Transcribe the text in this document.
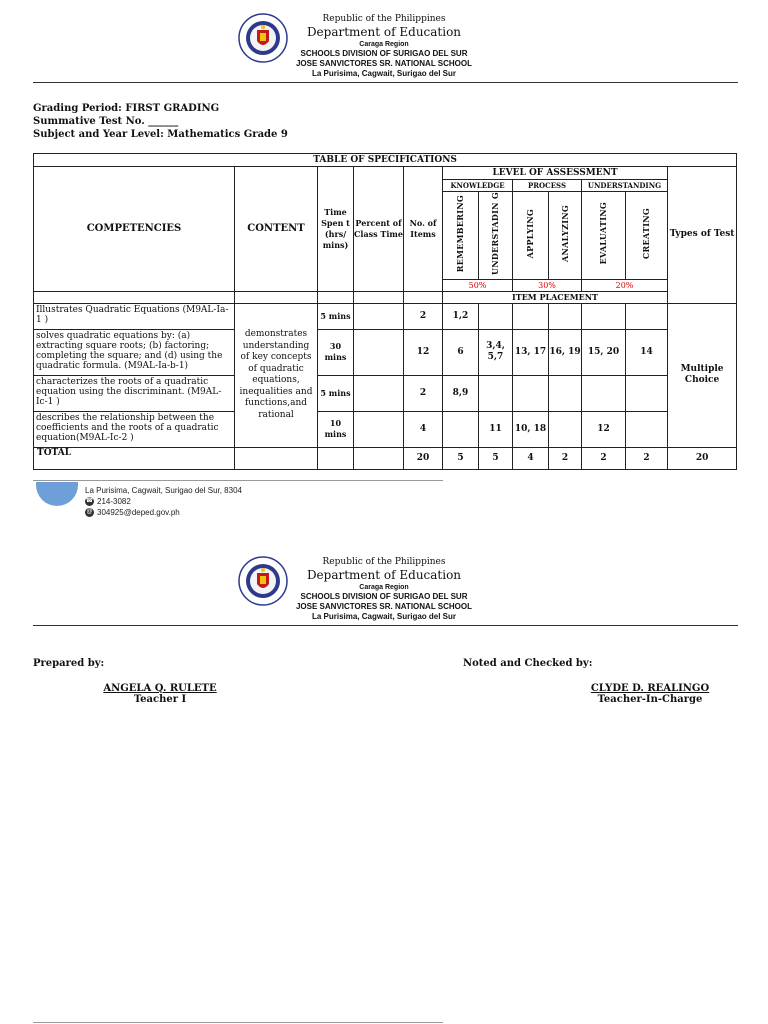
Republic of the Philippines
Department of Education
Caraga Region
SCHOOLS DIVISION OF SURIGAO DEL SUR
JOSE SANVICTORES SR. NATIONAL SCHOOL
La Purisima, Cagwait, Surigao del Sur
Grading Period: FIRST GRADING
Summative Test No. ______
Subject and Year Level: Mathematics Grade 9
TABLE OF SPECIFICATIONS											
COMPETENCIES	CONTENT	Time Spen t (hrs/ mins)	Percent of Class Time	No. of Items	LEVEL OF ASSESSMENT						Types of Test
					KNOWLEDGE		PROCESS		UNDERSTANDING		
					REMEMBERING	UNDERSTADIN G	APPLYING	ANALYZING	EVALUATING	CREATING	
					50%		30%		20%		
					ITEM PLACEMENT						
Illustrates Quadratic Equations (M9AL-Ia-1 )	demonstrates understanding of key concepts of quadratic equations, inequalities and functions,and rational	5 mins		2	1,2						Multiple Choice
solves quadratic equations by: (a) extracting square roots; (b) factoring; completing the square; and (d) using the quadratic formula. (M9AL-Ia-b-1)		30 mins		12	6	3,4, 5,7	13, 17	16, 19	15, 20	14	
characterizes the roots of a quadratic equation using the discriminant. (M9AL-Ic-1 )		5 mins		2	8,9						
describes the relationship between the coefficients and the roots of a quadratic equation(M9AL-Ic-2 )		10 mins		4		11	10, 18		12		
TOTAL				20	5	5	4	2	2	2	20
La Purisima, Cagwait, Surigao del Sur, 8304
☎ 214-3082
@ 304925@deped.gov.ph
Republic of the Philippines
Department of Education
Caraga Region
SCHOOLS DIVISION OF SURIGAO DEL SUR
JOSE SANVICTORES SR. NATIONAL SCHOOL
La Purisima, Cagwait, Surigao del Sur
Prepared by:
ANGELA Q. RULETE
Teacher I
Noted and Checked by:
CLYDE D. REALINGO
Teacher-In-Charge
